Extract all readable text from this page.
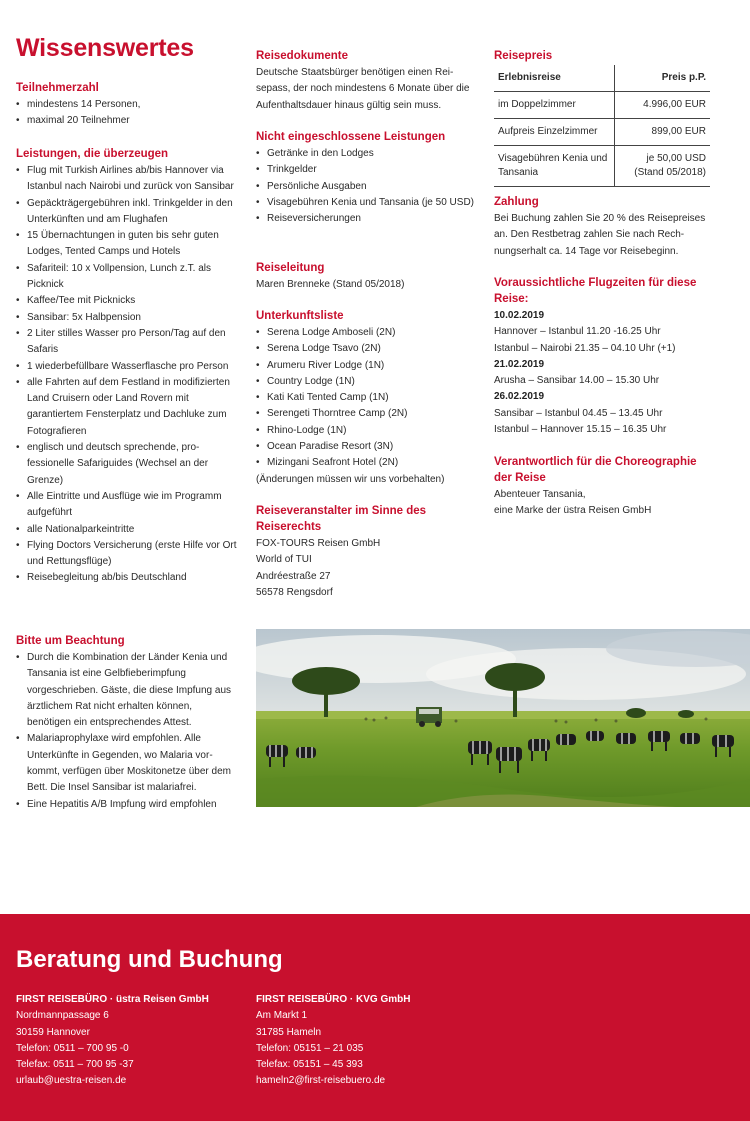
Wissenswertes
Teilnehmerzahl
• mindestens 14 Personen,
• maximal 20 Teilnehmer
Leistungen, die überzeugen
• Flug mit Turkish Airlines ab/bis Hannover via Istanbul nach Nairobi und zurück von Sansibar
• Gepäckträgergebühren inkl. Trinkgelder in den Unterkünften und am Flughafen
• 15 Übernachtungen in guten bis sehr guten Lodges, Tented Camps und Hotels
• Safariteil: 10 x Vollpension, Lunch z.T. als Picknick
• Kaffee/Tee mit Picknicks
• Sansibar: 5x Halbpension
• 2 Liter stilles Wasser pro Person/Tag auf den Safaris
• 1 wiederbefüllbare Wasserflasche pro Person
• alle Fahrten auf dem Festland in modifizierten Land Cruisern oder Land Rovern mit garantiertem Fensterplatz und Dachluke zum Fotografieren
• englisch und deutsch sprechende, professionelle Safariguides (Wechsel an der Grenze)
• Alle Eintritte und Ausflüge wie im Programm aufgeführt
• alle Nationalparkeintritte
• Flying Doctors Versicherung (erste Hilfe vor Ort und Rettungsflüge)
• Reisebegleitung ab/bis Deutschland
Bitte um Beachtung
• Durch die Kombination der Länder Kenia und Tansania ist eine Gelbfieberimpfung vorgeschrieben. Gäste, die diese Impfung aus ärztlichem Rat nicht erhalten können, benötigen ein entsprechendes Attest.
• Malariaprophylaxe wird empfohlen. Alle Unterkünfte in Gegenden, wo Malaria vorkommt, verfügen über Moskitonetze über dem Bett. Die Insel Sansibar ist malariafrei.
• Eine Hepatitis A/B Impfung wird empfohlen
Reisedokumente
Deutsche Staatsbürger benötigen einen Reisepass, der noch mindestens 6 Monate über die Aufenthaltsdauer hinaus gültig sein muss.
Nicht eingeschlossene Leistungen
• Getränke in den Lodges
• Trinkgelder
• Persönliche Ausgaben
• Visagebühren Kenia und Tansania (je 50 USD)
• Reiseversicherungen
Reiseleitung
Maren Brenneke (Stand 05/2018)
Unterkunftsliste
• Serena Lodge Amboseli (2N)
• Serena Lodge Tsavo (2N)
• Arumeru River Lodge (1N)
• Country Lodge (1N)
• Kati Kati Tented Camp (1N)
• Serengeti Thorntree Camp (2N)
• Rhino-Lodge (1N)
• Ocean Paradise Resort (3N)
• Mizingani Seafront Hotel (2N)
(Änderungen müssen wir uns vorbehalten)
Reiseveranstalter im Sinne des Reiserechts
FOX-TOURS Reisen GmbH
World of TUI
Andréestraße 27
56578 Rengsdorf
Reisepreis
Erlebnisreise	Preis p.P.
im Doppelzimmer	4.996,00 EUR
Aufpreis Einzelzimmer	899,00 EUR
Visagebühren Kenia und Tansania	je 50,00 USD (Stand 05/2018)
Zahlung
Bei Buchung zahlen Sie 20 % des Reisepreises an. Den Restbetrag zahlen Sie nach Rechnungserhalt ca. 14 Tage vor Reisebeginn.
Voraussichtliche Flugzeiten für diese Reise:
10.02.2019
Hannover – Istanbul 11.20 -16.25 Uhr
Istanbul – Nairobi 21.35 – 04.10 Uhr (+1)
21.02.2019
Arusha – Sansibar 14.00 – 15.30 Uhr
26.02.2019
Sansibar – Istanbul 04.45 – 13.45 Uhr
Istanbul – Hannover 15.15 – 16.35 Uhr
Verantwortlich für die Choreographie der Reise
Abenteuer Tansania,
eine Marke der üstra Reisen GmbH
Beratung und Buchung
FIRST REISEBÜRO · üstra Reisen GmbH
Nordmannpassage 6
30159 Hannover
Telefon: 0511 – 700 95 -0
Telefax: 0511 – 700 95 -37
urlaub@uestra-reisen.de
FIRST REISEBÜRO · KVG GmbH
Am Markt 1
31785 Hameln
Telefon: 05151 – 21 035
Telefax: 05151 – 45 393
hameln2@first-reisebuero.de
